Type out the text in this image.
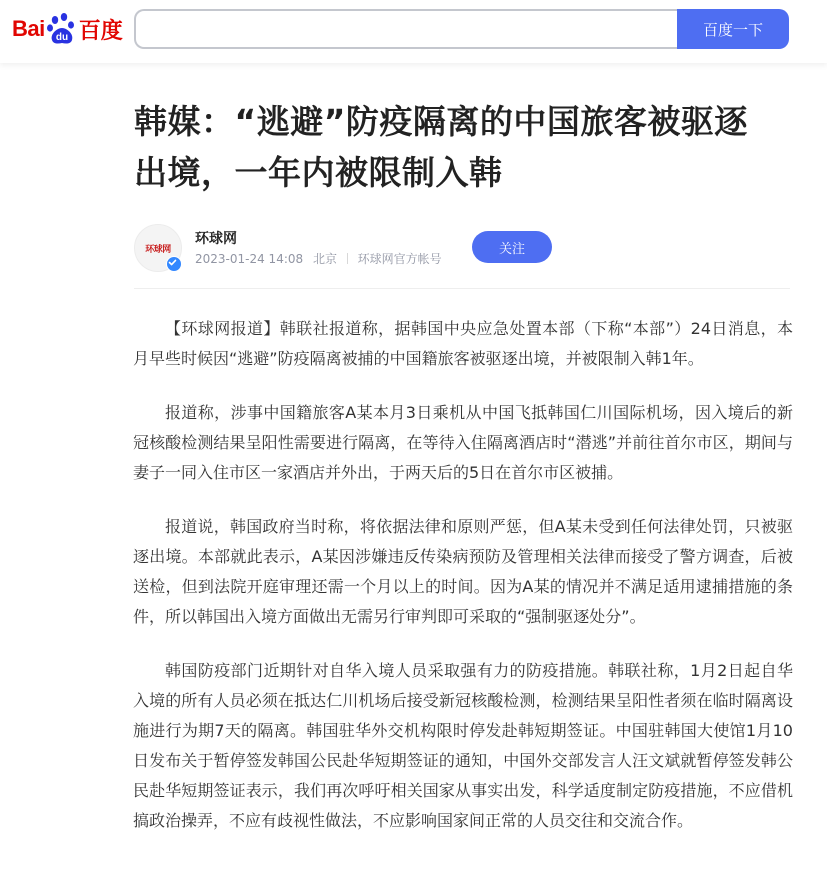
Bai du 百度	百度一下
韩媒：“逃避”防疫隔离的中国旅客被驱逐出境，一年内被限制入韩
环球网
环球网
2023-01-24 14:08 北京 环球网官方帐号
关注

【环球网报道】韩联社报道称，据韩国中央应急处置本部（下称“本部”）24日消息，本月早些时候因“逃避”防疫隔离被捕的中国籍旅客被驱逐出境，并被限制入韩1年。

报道称，涉事中国籍旅客A某本月3日乘机从中国飞抵韩国仁川国际机场，因入境后的新冠核酸检测结果呈阳性需要进行隔离，在等待入住隔离酒店时“潜逃”并前往首尔市区，期间与妻子一同入住市区一家酒店并外出，于两天后的5日在首尔市区被捕。

报道说，韩国政府当时称，将依据法律和原则严惩，但A某未受到任何法律处罚，只被驱逐出境。本部就此表示，A某因涉嫌违反传染病预防及管理相关法律而接受了警方调查，后被送检，但到法院开庭审理还需一个月以上的时间。因为A某的情况并不满足适用逮捕措施的条件，所以韩国出入境方面做出无需另行审判即可采取的“强制驱逐处分”。

韩国防疫部门近期针对自华入境人员采取强有力的防疫措施。韩联社称，1月2日起自华入境的所有人员必须在抵达仁川机场后接受新冠核酸检测，检测结果呈阳性者须在临时隔离设施进行为期7天的隔离。韩国驻华外交机构限时停发赴韩短期签证。中国驻韩国大使馆1月10日发布关于暂停签发韩国公民赴华短期签证的通知，中国外交部发言人汪文斌就暂停签发韩公民赴华短期签证表示，我们再次呼吁相关国家从事实出发，科学适度制定防疫措施，不应借机搞政治操弄，不应有歧视性做法，不应影响国家间正常的人员交往和交流合作。
